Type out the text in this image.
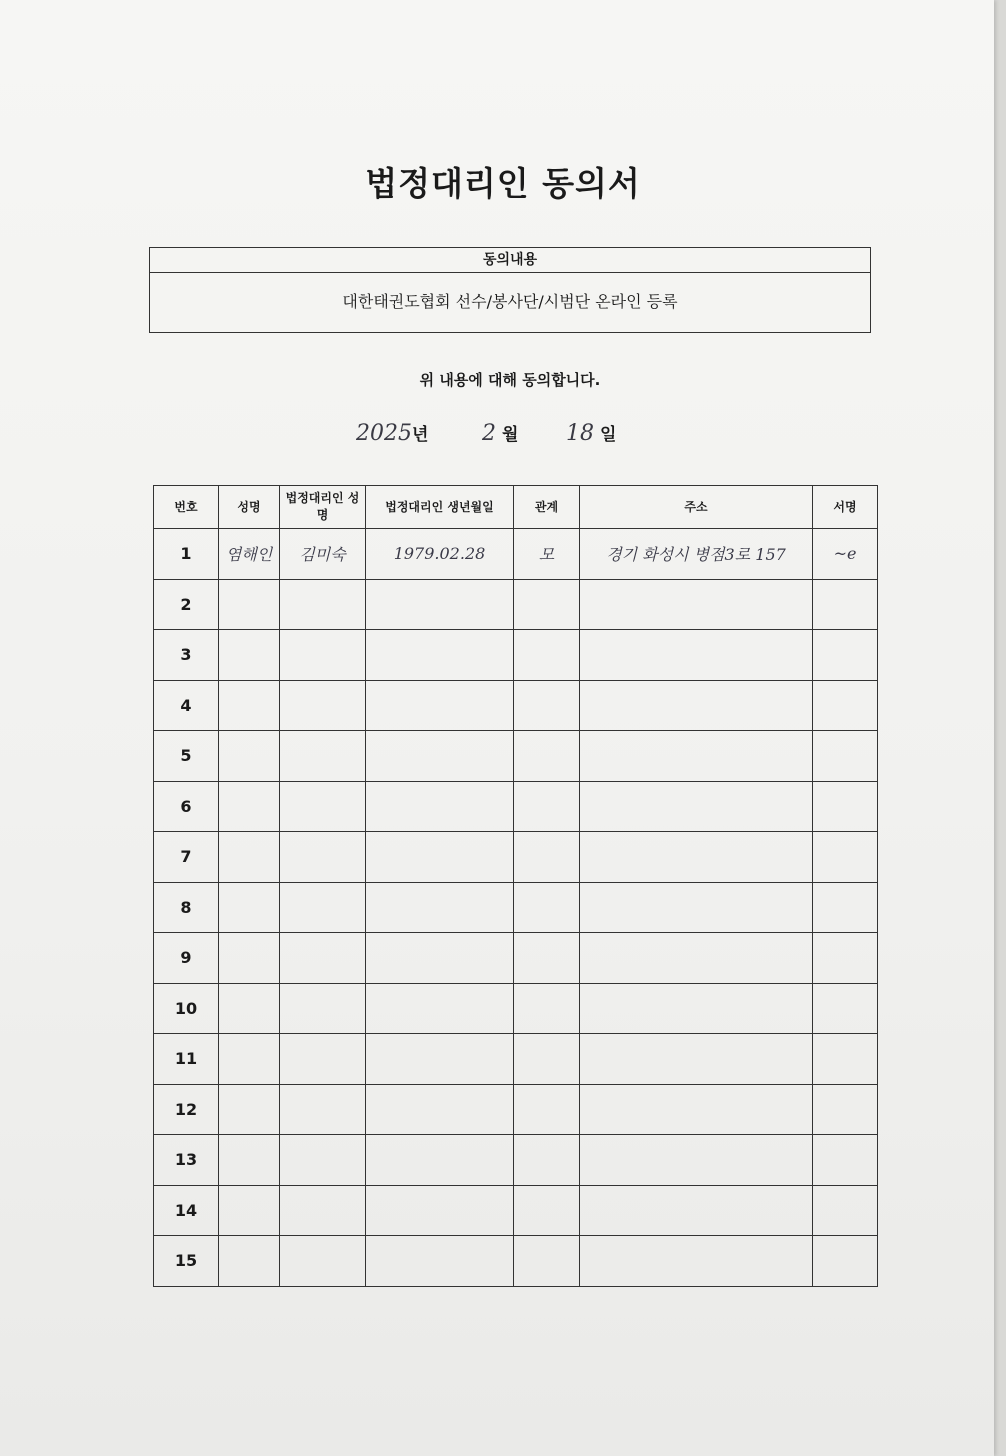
법정대리인 동의서
동의내용
대한태권도협회 선수/봉사단/시범단 온라인 등록
위 내용에 대해 동의합니다.
2025년 2 월 18 일
번호	성명	법정대리인 성명	법정대리인 생년월일	관계	주소	서명
1	염해인	김미숙	1979.02.28	모	경기 화성시 병점3로 157	~e
2						
3						
4						
5						
6						
7						
8						
9						
10						
11						
12						
13						
14						
15						
